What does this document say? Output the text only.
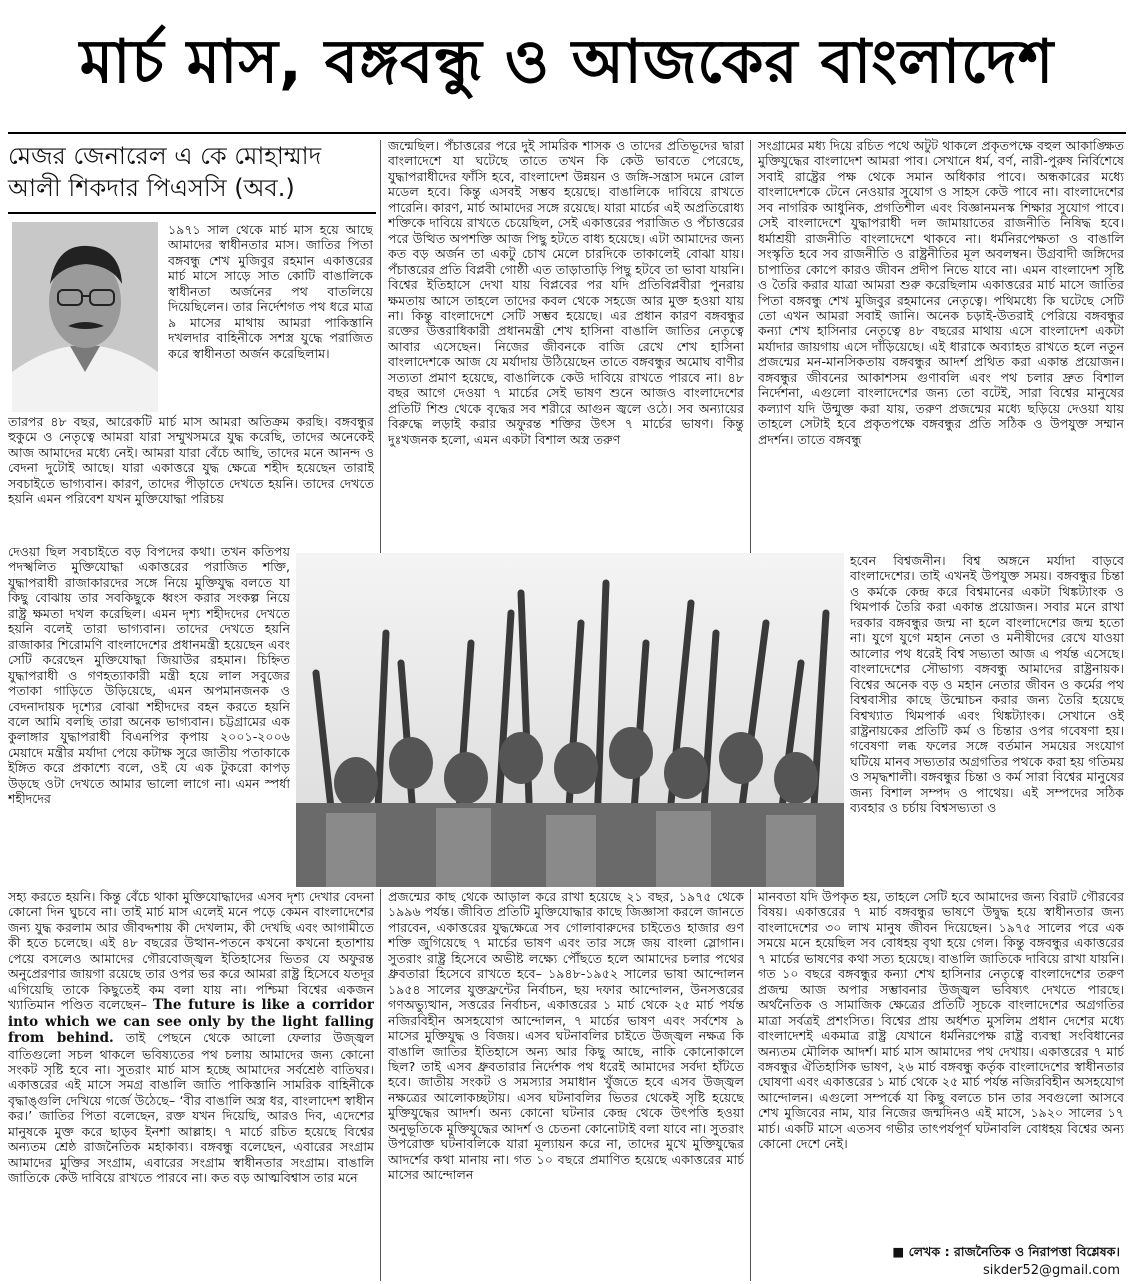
মার্চ মাস, বঙ্গবন্ধু ও আজকের বাংলাদেশ
মেজর জেনারেল এ কে মোহাম্মাদ আলী শিকদার পিএসসি (অব.)

১৯৭১ সাল থেকে মার্চ মাস হয়ে আছে আমাদের স্বাধীনতার মাস। জাতির পিতা বঙ্গবন্ধু শেখ মুজিবুর রহমান একাত্তরের মার্চ মাসে সাড়ে সাত কোটি বাঙালিকে স্বাধীনতা অর্জনের পথ বাতলিয়ে দিয়েছিলেন। তার নির্দেশগত পথ ধরে মাত্র ৯ মাসের মাথায় আমরা পাকিস্তানি দখলদার বাহিনীকে সশস্ত্র যুদ্ধে পরাজিত করে স্বাধীনতা অর্জন করেছিলাম।

তারপর ৪৮ বছর, আরেকটি মার্চ মাস আমরা অতিক্রম করছি। বঙ্গবন্ধুর হুকুমে ও নেতৃত্বে আমরা যারা সম্মুখসমরে যুদ্ধ করেছি, তাদের অনেকেই আজ আমাদের মধ্যে নেই। আমরা যারা বেঁচে আছি, তাদের মনে আনন্দ ও বেদনা দুটোই আছে। যারা একাত্তরে যুদ্ধ ক্ষেত্রে শহীদ হয়েছেন তারাই সবচাইতে ভাগ্যবান। কারণ, তাদের পীড়াতে দেখতে হয়নি। তাদের দেখতে হয়নি এমন পরিবেশ যখন মুক্তিযোদ্ধা পরিচয়

দেওয়া ছিল সবচাইতে বড় বিপদের কথা। তখন কতিপয় পদস্খলিত মুক্তিযোদ্ধা একাত্তরের পরাজিত শক্তি, যুদ্ধাপরাধী রাজাকারদের সঙ্গে নিয়ে মুক্তিযুদ্ধ বলতে যা কিছু বোঝায় তার সবকিছুকে ধ্বংস করার সংকল্প নিয়ে রাষ্ট্র ক্ষমতা দখল করেছিল। এমন দৃশ্য শহীদদের দেখতে হয়নি বলেই তারা ভাগ্যবান। তাদের দেখতে হয়নি রাজাকার শিরোমণি বাংলাদেশের প্রধানমন্ত্রী হয়েছেন এবং সেটি করেছেন মুক্তিযোদ্ধা জিয়াউর রহমান। চিহ্নিত যুদ্ধাপরাধী ও গণহত্যাকারী মন্ত্রী হয়ে লাল সবুজের পতাকা গাড়িতে উড়িয়েছে, এমন অপমানজনক ও বেদনাদায়ক দৃশ্যের বোঝা শহীদদের বহন করতে হয়নি বলে আমি বলছি তারা অনেক ভাগ্যবান। চট্টগ্রামের এক কুলাঙ্গার যুদ্ধাপরাধী বিএনপির কৃপায় ২০০১-২০০৬ মেয়াদে মন্ত্রীর মর্যাদা পেয়ে কটাক্ষ সুরে জাতীয় পতাকাকে ইঙ্গিত করে প্রকাশ্যে বলে, ওই যে এক টুকরো কাপড় উড়ছে ওটা দেখতে আমার ভালো লাগে না। এমন স্পর্ধা শহীদদের

সহ্য করতে হয়নি। কিন্তু বেঁচে থাকা মুক্তিযোদ্ধাদের এসব দৃশ্য দেখার বেদনা কোনো দিন ঘুচবে না। তাই মার্চ মাস এলেই মনে পড়ে কেমন বাংলাদেশের জন্য যুদ্ধ করলাম আর জীবদ্দশায় কী দেখলাম, কী দেখছি এবং আগামীতে কী হতে চলেছে। এই ৪৮ বছরের উত্থান-পতনে কখনো কখনো হতাশায় পেয়ে বসলেও আমাদের গৌরবোজ্জ্বল ইতিহাসের ভিতর যে অফুরন্ত অনুপ্রেরণার জায়গা রয়েছে তার ওপর ভর করে আমরা রাষ্ট্র হিসেবে যতদূর এগিয়েছি তাকে কিছুতেই কম বলা যায় না। পশ্চিমা বিশ্বের একজন খ্যাতিমান পণ্ডিত বলেছেন– The future is like a corridor into which we can see only by the light falling from behind. তাই পেছনে থেকে আলো ফেলার উজ্জ্বল বাতিগুলো সচল থাকলে ভবিষ্যতের পথ চলায় আমাদের জন্য কোনো সংকট সৃষ্টি হবে না। সুতরাং মার্চ মাস হচ্ছে আমাদের সর্বশ্রেষ্ঠ বাতিঘর। একাত্তরের এই মাসে সমগ্র বাঙালি জাতি পাকিস্তানি সামরিক বাহিনীকে বৃদ্ধাঙ্গুলি দেখিয়ে গর্জে উঠেছে– ‘বীর বাঙালি অস্ত্র ধর, বাংলাদেশ স্বাধীন কর।’ জাতির পিতা বলেছেন, রক্ত যখন দিয়েছি, আরও দিব, এদেশের মানুষকে মুক্ত করে ছাড়ব ইনশা আল্লাহ। ৭ মার্চে রচিত হয়েছে বিশ্বের অন্যতম শ্রেষ্ঠ রাজনৈতিক মহাকাব্য। বঙ্গবন্ধু বলেছেন, এবারের সংগ্রাম আমাদের মুক্তির সংগ্রাম, এবারের সংগ্রাম স্বাধীনতার সংগ্রাম। বাঙালি জাতিকে কেউ দাবিয়ে রাখতে পারবে না। কত বড় আত্মবিশ্বাস তার মনে

জন্মেছিল। পঁচাত্তরের পরে দুই সামরিক শাসক ও তাদের প্রতিভূদের দ্বারা বাংলাদেশে যা ঘটেছে তাতে তখন কি কেউ ভাবতে পেরেছে, যুদ্ধাপরাধীদের ফাঁসি হবে, বাংলাদেশ উন্নয়ন ও জঙ্গি-সন্ত্রাস দমনে রোল মডেল হবে। কিন্তু এসবই সম্ভব হয়েছে। বাঙালিকে দাবিয়ে রাখতে পারেনি। কারণ, মার্চ আমাদের সঙ্গে রয়েছে। যারা মার্চের এই অপ্রতিরোধ্য শক্তিকে দাবিয়ে রাখতে চেয়েছিল, সেই একাত্তরের পরাজিত ও পঁচাত্তরের পরে উত্থিত অপশক্তি আজ পিছু হটতে বাধ্য হয়েছে। এটা আমাদের জন্য কত বড় অর্জন তা একটু চোখ মেলে চারদিকে তাকালেই বোঝা যায়। পঁচাত্তরের প্রতি বিপ্লবী গোষ্ঠী এত তাড়াতাড়ি পিছু হটবে তা ভাবা যায়নি। বিশ্বের ইতিহাসে দেখা যায় বিপ্লবের পর যদি প্রতিবিপ্লবীরা পুনরায় ক্ষমতায় আসে তাহলে তাদের কবল থেকে সহজে আর মুক্ত হওয়া যায় না। কিন্তু বাংলাদেশে সেটি সম্ভব হয়েছে। এর প্রধান কারণ বঙ্গবন্ধুর রক্তের উত্তরাধিকারী প্রধানমন্ত্রী শেখ হাসিনা বাঙালি জাতির নেতৃত্বে আবার এসেছেন। নিজের জীবনকে বাজি রেখে শেখ হাসিনা বাংলাদেশকে আজ যে মর্যাদায় উঠিয়েছেন তাতে বঙ্গবন্ধুর অমোঘ বাণীর সত্যতা প্রমাণ হয়েছে, বাঙালিকে কেউ দাবিয়ে রাখতে পারবে না। ৪৮ বছর আগে দেওয়া ৭ মার্চের সেই ভাষণ শুনে আজও বাংলাদেশের প্রতিটি শিশু থেকে বৃদ্ধের সব শরীরে আগুন জ্বলে ওঠে। সব অন্যায়ের বিরুদ্ধে লড়াই করার অফুরন্ত শক্তির উৎস ৭ মার্চের ভাষণ। কিন্তু দুঃখজনক হলো, এমন একটা বিশাল অস্ত্র তরুণ

প্রজন্মের কাছ থেকে আড়াল করে রাখা হয়েছে ২১ বছর, ১৯৭৫ থেকে ১৯৯৬ পর্যন্ত। জীবিত প্রতিটি মুক্তিযোদ্ধার কাছে জিজ্ঞাসা করলে জানতে পারবেন, একাত্তরের যুদ্ধক্ষেত্রে সব গোলাবারুদের চাইতেও হাজার গুণ শক্তি জুগিয়েছে ৭ মার্চের ভাষণ এবং তার সঙ্গে জয় বাংলা স্লোগান। সুতরাং রাষ্ট্র হিসেবে অভীষ্ট লক্ষ্যে পৌঁছতে হলে আমাদের চলার পথের ধ্রুবতারা হিসেবে রাখতে হবে– ১৯৪৮-১৯৫২ সালের ভাষা আন্দোলন ১৯৫৪ সালের যুক্তফ্রন্টের নির্বাচন, ছয় দফার আন্দোলন, উনসত্তরের গণঅভ্যুত্থান, সত্তরের নির্বাচন, একাত্তরের ১ মার্চ থেকে ২৫ মার্চ পর্যন্ত নজিরবিহীন অসহযোগ আন্দোলন, ৭ মার্চের ভাষণ এবং সর্বশেষ ৯ মাসের মুক্তিযুদ্ধ ও বিজয়। এসব ঘটনাবলির চাইতে উজ্জ্বল নক্ষত্র কি বাঙালি জাতির ইতিহাসে অন্য আর কিছু আছে, নাকি কোনোকালে ছিল? তাই এসব ধ্রুবতারার নির্দেশক পথ ধরেই আমাদের সর্বদা হাঁটতে হবে। জাতীয় সংকট ও সমস্যার সমাধান খুঁজতে হবে এসব উজ্জ্বল নক্ষত্রের আলোকচ্ছটায়। এসব ঘটনাবলির ভিতর থেকেই সৃষ্টি হয়েছে মুক্তিযুদ্ধের আদর্শ। অন্য কোনো ঘটনার কেন্দ্র থেকে উৎপত্তি হওয়া অনুভূতিকে মুক্তিযুদ্ধের আদর্শ ও চেতনা কোনোটাই বলা যাবে না। সুতরাং উপরোক্ত ঘটনাবলিকে যারা মূল্যায়ন করে না, তাদের মুখে মুক্তিযুদ্ধের আদর্শের কথা মানায় না। গত ১০ বছরে প্রমাণিত হয়েছে একাত্তরের মার্চ মাসের আন্দোলন

সংগ্রামের মধ্য দিয়ে রচিত পথে অটুট থাকলে প্রকৃতপক্ষে বহুল আকাঙ্ক্ষিত মুক্তিযুদ্ধের বাংলাদেশ আমরা পাব। সেখানে ধর্ম, বর্ণ, নারী-পুরুষ নির্বিশেষে সবাই রাষ্ট্রের পক্ষ থেকে সমান অধিকার পাবে। অন্ধকারের মধ্যে বাংলাদেশকে টেনে নেওয়ার সুযোগ ও সাহস কেউ পাবে না। বাংলাদেশের সব নাগরিক আধুনিক, প্রগতিশীল এবং বিজ্ঞানমনস্ক শিক্ষার সুযোগ পাবে। সেই বাংলাদেশে যুদ্ধাপরাধী দল জামায়াতের রাজনীতি নিষিদ্ধ হবে। ধর্মাশ্রয়ী রাজনীতি বাংলাদেশে থাকবে না। ধর্মনিরপেক্ষতা ও বাঙালি সংস্কৃতি হবে সব রাজনীতি ও রাষ্ট্রনীতির মূল অবলম্বন। উগ্রবাদী জঙ্গিদের চাপাতির কোপে কারও জীবন প্রদীপ নিভে যাবে না। এমন বাংলাদেশ সৃষ্টি ও তৈরি করার যাত্রা আমরা শুরু করেছিলাম একাত্তরের মার্চ মাসে জাতির পিতা বঙ্গবন্ধু শেখ মুজিবুর রহমানের নেতৃত্বে। পথিমধ্যে কি ঘটেছে সেটি তো এখন আমরা সবাই জানি। অনেক চড়াই-উতরাই পেরিয়ে বঙ্গবন্ধুর কন্যা শেখ হাসিনার নেতৃত্বে ৪৮ বছরের মাথায় এসে বাংলাদেশ একটা মর্যাদার জায়গায় এসে দাঁড়িয়েছে। এই ধারাকে অব্যাহত রাখতে হলে নতুন প্রজন্মের মন-মানসিকতায় বঙ্গবন্ধুর আদর্শ প্রথিত করা একান্ত প্রয়োজন। বঙ্গবন্ধুর জীবনের আকাশসম গুণাবলি এবং পথ চলার দ্রুত বিশাল নির্দেশনা, এগুলো বাংলাদেশের জন্য তো বটেই, সারা বিশ্বের মানুষের কল্যাণ যদি উন্মুক্ত করা যায়, তরুণ প্রজন্মের মধ্যে ছড়িয়ে দেওয়া যায় তাহলে সেটাই হবে প্রকৃতপক্ষে বঙ্গবন্ধুর প্রতি সঠিক ও উপযুক্ত সম্মান প্রদর্শন। তাতে বঙ্গবন্ধু

হবেন বিশ্বজনীন। বিশ্ব অঙ্গনে মর্যাদা বাড়বে বাংলাদেশের। তাই এখনই উপযুক্ত সময়। বঙ্গবন্ধুর চিন্তা ও কর্মকে কেন্দ্র করে বিশ্বমানের একটা থিঙ্কট্যাংক ও থিমপার্ক তৈরি করা একান্ত প্রয়োজন। সবার মনে রাখা দরকার বঙ্গবন্ধুর জন্ম না হলে বাংলাদেশের জন্ম হতো না। যুগে যুগে মহান নেতা ও মনীষীদের রেখে যাওয়া আলোর পথ ধরেই বিশ্ব সভ্যতা আজ এ পর্যন্ত এসেছে। বাংলাদেশের সৌভাগ্য বঙ্গবন্ধু আমাদের রাষ্ট্রনায়ক। বিশ্বের অনেক বড় ও মহান নেতার জীবন ও কর্মের পথ বিশ্ববাসীর কাছে উন্মোচন করার জন্য তৈরি হয়েছে বিশ্বখ্যাত থিমপার্ক এবং থিঙ্কট্যাংক। সেখানে ওই রাষ্ট্রনায়কের প্রতিটি কর্ম ও চিন্তার ওপর গবেষণা হয়। গবেষণা লব্ধ ফলের সঙ্গে বর্তমান সময়ের সংযোগ ঘটিয়ে মানব সভ্যতার অগ্রগতির পথকে করা হয় গতিময় ও সমৃদ্ধশালী। বঙ্গবন্ধুর চিন্তা ও কর্ম সারা বিশ্বের মানুষের জন্য বিশাল সম্পদ ও পাথেয়। এই সম্পদের সঠিক ব্যবহার ও চর্চায় বিশ্বসভ্যতা ও

মানবতা যদি উপকৃত হয়, তাহলে সেটি হবে আমাদের জন্য বিরাট গৌরবের বিষয়। একাত্তরের ৭ মার্চ বঙ্গবন্ধুর ভাষণে উদ্বুদ্ধ হয়ে স্বাধীনতার জন্য বাংলাদেশের ৩০ লাখ মানুষ জীবন দিয়েছেন। ১৯৭৫ সালের পরে এক সময়ে মনে হয়েছিল সব বোধহয় বৃথা হয়ে গেল। কিন্তু বঙ্গবন্ধুর একাত্তরের ৭ মার্চের ভাষণের কথা সত্য হয়েছে। বাঙালি জাতিকে দাবিয়ে রাখা যায়নি। গত ১০ বছরে বঙ্গবন্ধুর কন্যা শেখ হাসিনার নেতৃত্বে বাংলাদেশের তরুণ প্রজন্ম আজ অপার সম্ভাবনার উজ্জ্বল ভবিষ্যৎ দেখতে পারছে। অর্থনৈতিক ও সামাজিক ক্ষেত্রের প্রতিটি সূচকে বাংলাদেশের অগ্রগতির মাত্রা সর্বত্রই প্রশংসিত। বিশ্বের প্রায় অর্ধশত মুসলিম প্রধান দেশের মধ্যে বাংলাদেশই একমাত্র রাষ্ট্র যেখানে ধর্মনিরপেক্ষ রাষ্ট্র ব্যবস্থা সংবিধানের অন্যতম মৌলিক আদর্শ। মার্চ মাস আমাদের পথ দেখায়। একাত্তরের ৭ মার্চ বঙ্গবন্ধুর ঐতিহাসিক ভাষণ, ২৬ মার্চ বঙ্গবন্ধু কর্তৃক বাংলাদেশের স্বাধীনতার ঘোষণা এবং একাত্তরের ১ মার্চ থেকে ২৫ মার্চ পর্যন্ত নজিরবিহীন অসহযোগ আন্দোলন। এগুলো সম্পর্কে যা কিছু বলতে চান তার সবগুলো আসবে শেখ মুজিবের নাম, যার নিজের জন্মদিনও এই মাসে, ১৯২০ সালের ১৭ মার্চ। একটি মাসে এতসব গভীর তাৎপর্যপূর্ণ ঘটনাবলি বোধহয় বিশ্বের অন্য কোনো দেশে নেই।

■ লেখক : রাজনৈতিক ও নিরাপত্তা বিশ্লেষক।
sikder52@gmail.com
